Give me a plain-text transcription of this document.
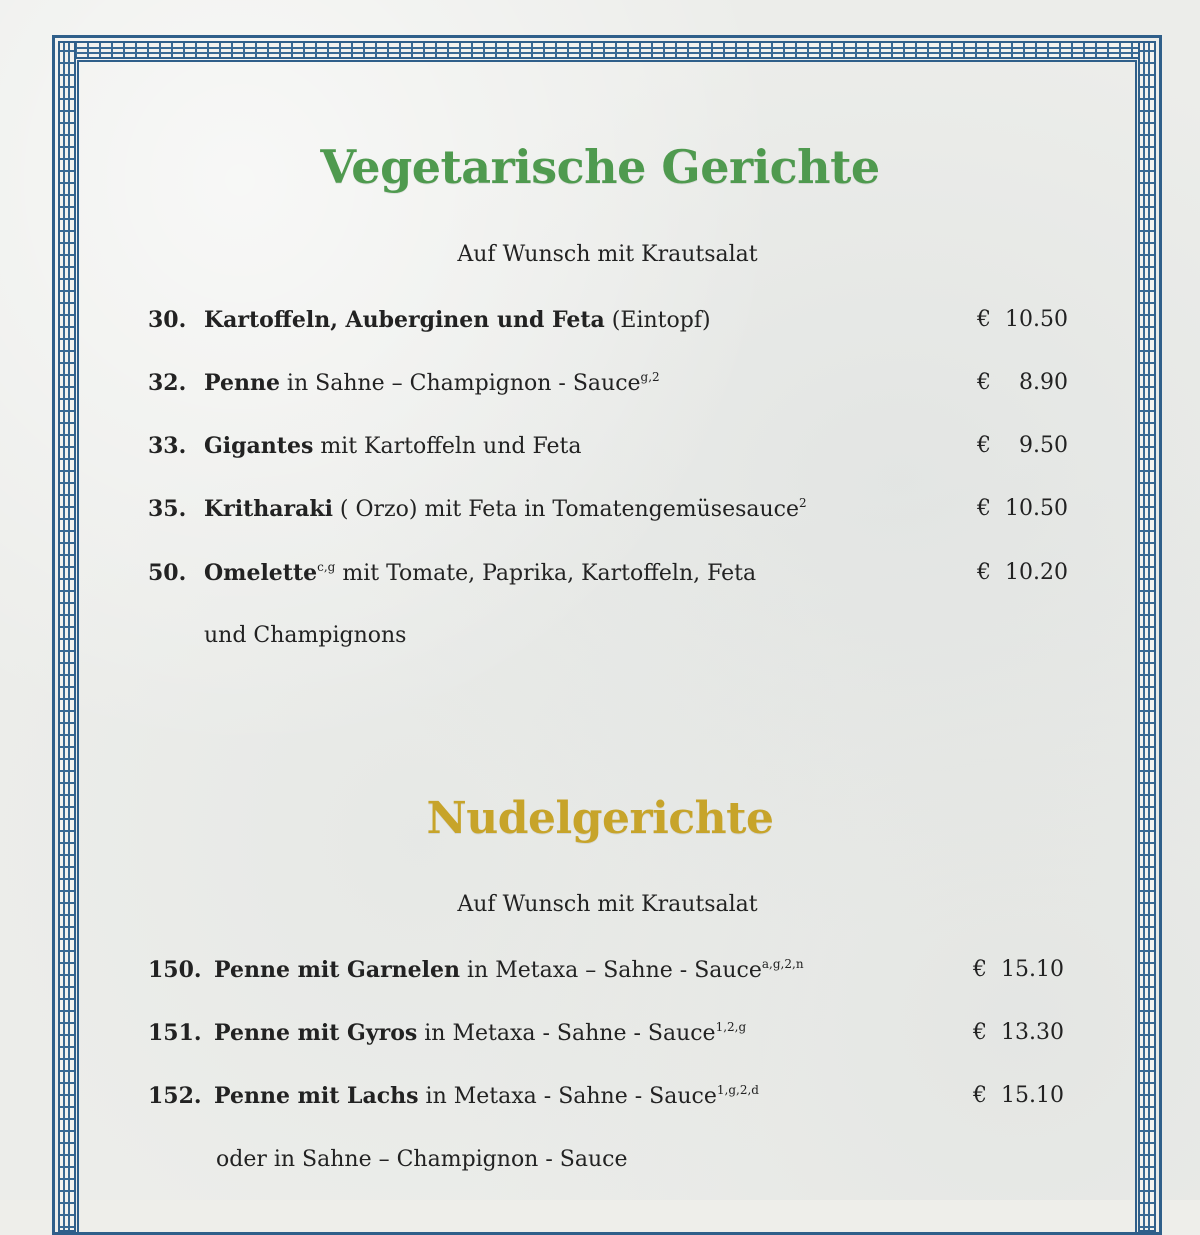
Vegetarische Gerichte
Auf Wunsch mit Krautsalat
30. Kartoffeln, Auberginen und Feta (Eintopf)	€  10.50
32. Penne in Sahne – Champignon - Sauce$^{g,2}$	€    8.90
33. Gigantes mit Kartoffeln und Feta	€    9.50
35. Kritharaki ( Orzo) mit Feta in Tomatengemüsesauce$^2$	€  10.50
50. Omelette$^{c,g}$ mit Tomate, Paprika, Kartoffeln, Feta	€  10.20
und Champignons
Nudelgerichte
Auf Wunsch mit Krautsalat
150. Penne mit Garnelen in Metaxa – Sahne - Sauce$^{a,g,2,n}$	€  15.10
151. Penne mit Gyros in Metaxa - Sahne - Sauce$^{1,2,g}$	€  13.30
152. Penne mit Lachs in Metaxa - Sahne - Sauce$^{1,g,2,d}$	€  15.10
oder in Sahne – Champignon - Sauce
